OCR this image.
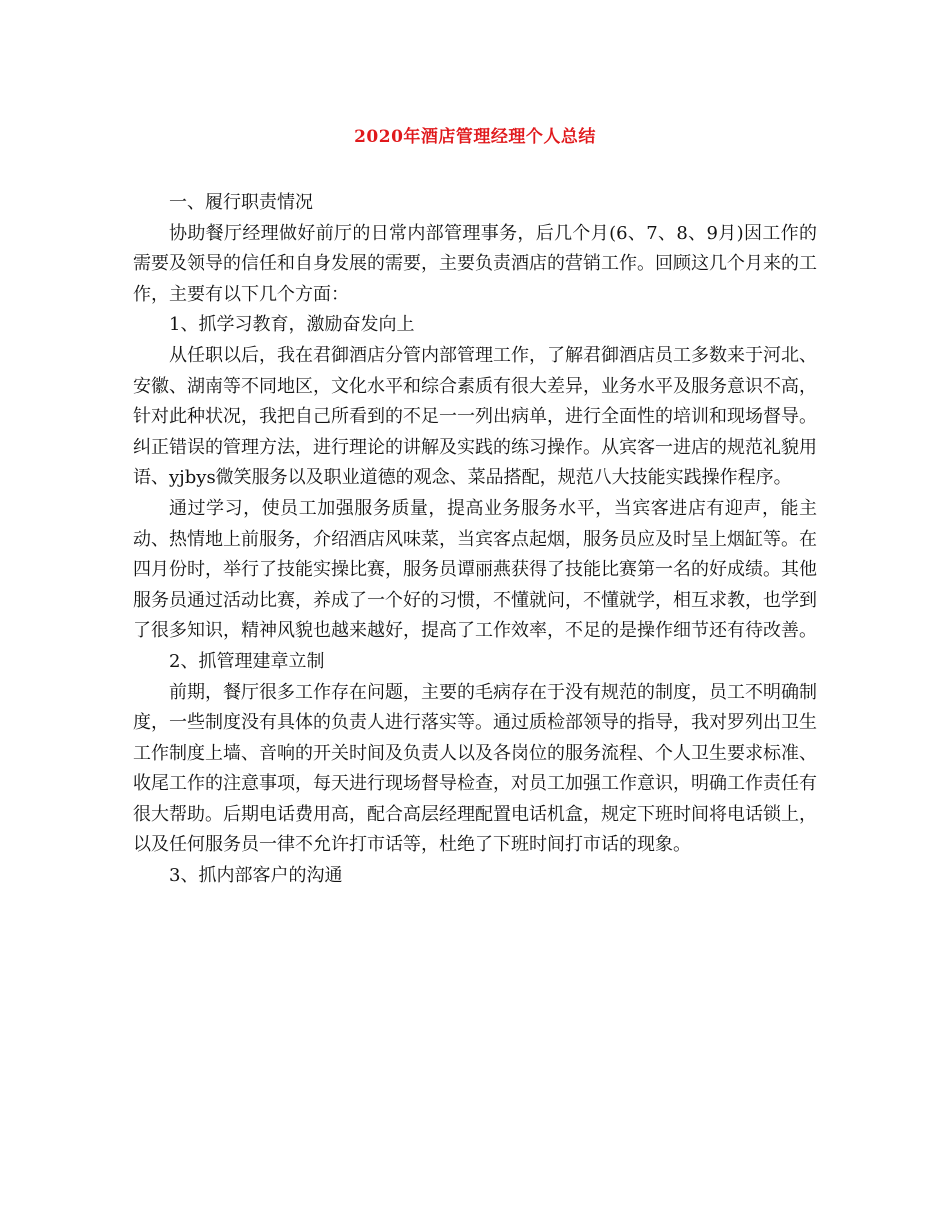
2020年酒店管理经理个人总结

一、履行职责情况

协助餐厅经理做好前厅的日常内部管理事务，后几个月(6、7、8、9月)因工作的需要及领导的信任和自身发展的需要，主要负责酒店的营销工作。回顾这几个月来的工作，主要有以下几个方面：

1、抓学习教育，激励奋发向上

从任职以后，我在君御酒店分管内部管理工作，了解君御酒店员工多数来于河北、安徽、湖南等不同地区，文化水平和综合素质有很大差异，业务水平及服务意识不高，针对此种状况，我把自己所看到的不足一一列出病单，进行全面性的培训和现场督导。纠正错误的管理方法，进行理论的讲解及实践的练习操作。从宾客一进店的规范礼貌用语、yjbys微笑服务以及职业道德的观念、菜品搭配，规范八大技能实践操作程序。

通过学习，使员工加强服务质量，提高业务服务水平，当宾客进店有迎声，能主动、热情地上前服务，介绍酒店风味菜，当宾客点起烟，服务员应及时呈上烟缸等。在四月份时，举行了技能实操比赛，服务员谭丽燕获得了技能比赛第一名的好成绩。其他服务员通过活动比赛，养成了一个好的习惯，不懂就问，不懂就学，相互求教，也学到了很多知识，精神风貌也越来越好，提高了工作效率，不足的是操作细节还有待改善。

2、抓管理建章立制

前期，餐厅很多工作存在问题，主要的毛病存在于没有规范的制度，员工不明确制度，一些制度没有具体的负责人进行落实等。通过质检部领导的指导，我对罗列出卫生工作制度上墙、音响的开关时间及负责人以及各岗位的服务流程、个人卫生要求标准、收尾工作的注意事项，每天进行现场督导检查，对员工加强工作意识，明确工作责任有很大帮助。后期电话费用高，配合高层经理配置电话机盒，规定下班时间将电话锁上，以及任何服务员一律不允许打市话等，杜绝了下班时间打市话的现象。

3、抓内部客户的沟通
